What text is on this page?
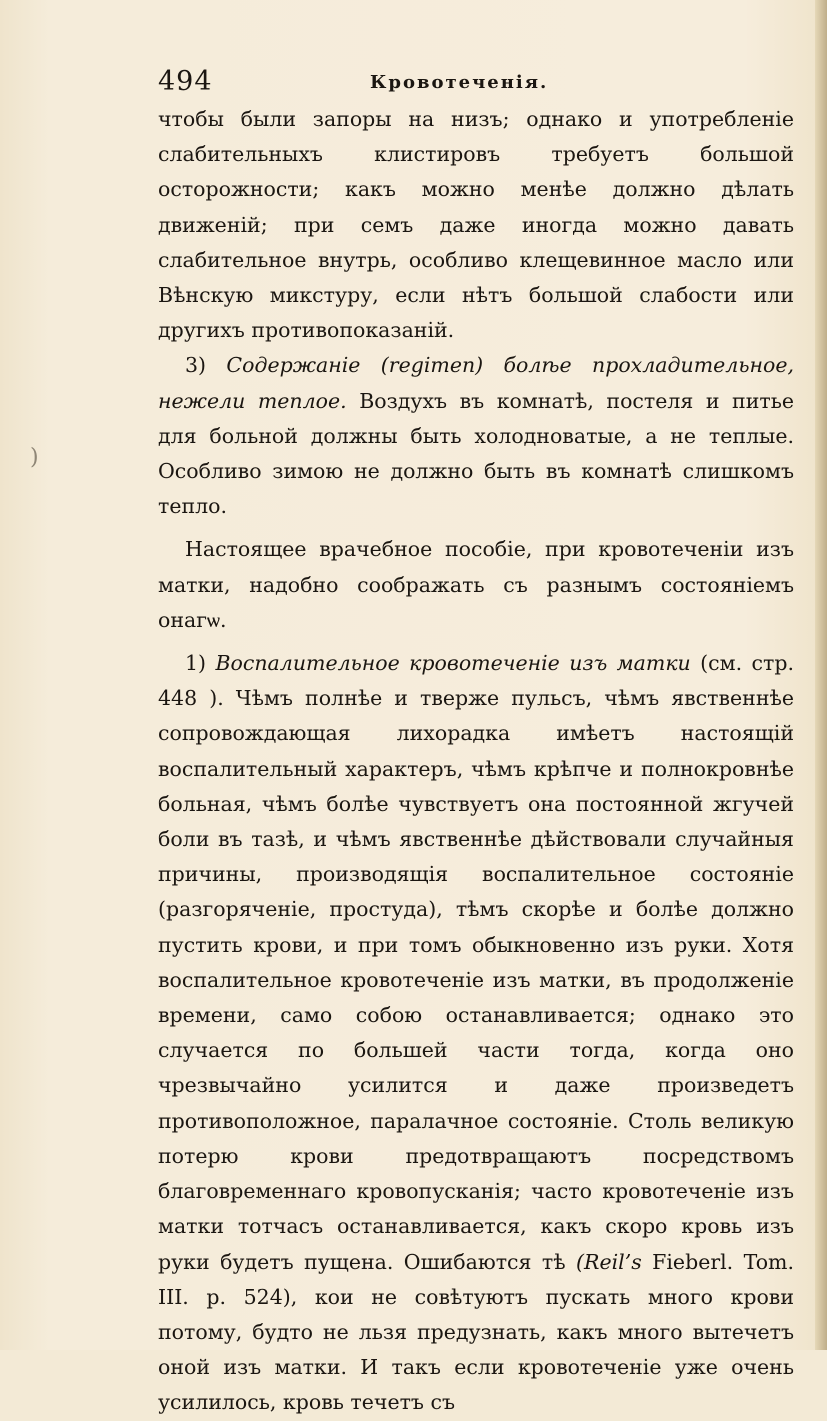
494	Кровотеченія.
)

чтобы были запоры на низъ; однако и употребленіе слабительныхъ клистировъ требуетъ большой осторожности; какъ можно менѣе должно дѣлать движеній; при семъ даже иногда можно давать слабительное внутрь, особливо клещевинное масло или Вѣнскую микстуру, если нѣтъ большой слабости или другихъ противопоказаній.

3) Содержаніе (regimen) болѣе прохладительное, нежели теплое. Воздухъ въ комнатѣ, постеля и питье для больной должны быть холодноватые, а не теплые. Особливо зимою не должно быть въ комнатѣ слишкомъ тепло.

Настоящее врачебное пособіе, при кровотеченіи изъ матки, надобно соображать съ разнымъ состояніемъ онагѡ.

1) Воспалительное кровотеченіе изъ матки (см. стр. 448 ). Чѣмъ полнѣе и тверже пульсъ, чѣмъ явственнѣе сопровождающая лихорадка имѣетъ настоящій воспалительный характеръ, чѣмъ крѣпче и полнокровнѣе больная, чѣмъ болѣе чувствуетъ она постоянной жгучей боли въ тазѣ, и чѣмъ явственнѣе дѣйствовали случайныя причины, производящія воспалительное состояніе (разгоряченіе, простуда), тѣмъ скорѣе и болѣе должно пустить крови, и при томъ обыкновенно изъ руки. Хотя воспалительное кровотеченіе изъ матки, въ продолженіе времени, само собою останавливается; однако это случается по большей части тогда, когда оно чрезвычайно усилится и даже произведетъ противоположное, паралачное состояніе. Столь великую потерю крови предотвращаютъ посредствомъ благовременнаго кровопусканія; часто кровотеченіе изъ матки тотчасъ останавливается, какъ скоро кровь изъ руки будетъ пущена. Ошибаются тѣ (Reil’s Fieberl. Tom. III. p. 524), кои не совѣтуютъ пускать много крови потому, будто не льзя предузнать, какъ много вытечетъ оной изъ матки. И такъ если кровотеченіе уже очень усилилось, кровь течетъ съ
